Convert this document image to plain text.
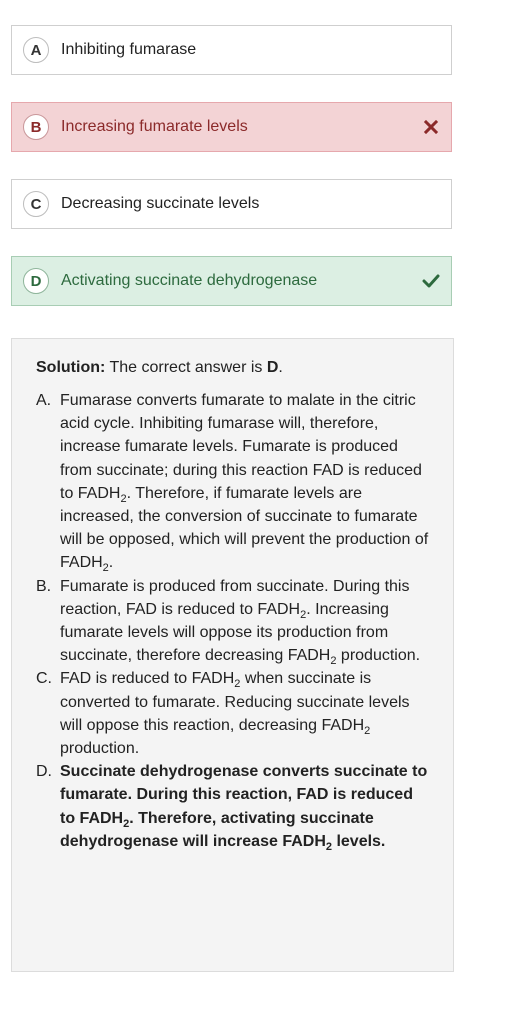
A	Inhibiting fumarase
B	Increasing fumarate levels
C	Decreasing succinate levels
D	Activating succinate dehydrogenase

Solution: The correct answer is D.

A. Fumarase converts fumarate to malate in the citric acid cycle. Inhibiting fumarase will, therefore, increase fumarate levels. Fumarate is produced from succinate; during this reaction FAD is reduced to $FADH_2$. Therefore, if fumarate levels are increased, the conversion of succinate to fumarate will be opposed, which will prevent the production of $FADH_2$.
B. Fumarate is produced from succinate. During this reaction, FAD is reduced to $FADH_2$. Increasing fumarate levels will oppose its production from succinate, therefore decreasing $FADH_2$ production.
C. FAD is reduced to $FADH_2$ when succinate is converted to fumarate. Reducing succinate levels will oppose this reaction, decreasing $FADH_2$ production.
D. Succinate dehydrogenase converts succinate to fumarate. During this reaction, FAD is reduced to $FADH_2$. Therefore, activating succinate dehydrogenase will increase $FADH_2$ levels.
